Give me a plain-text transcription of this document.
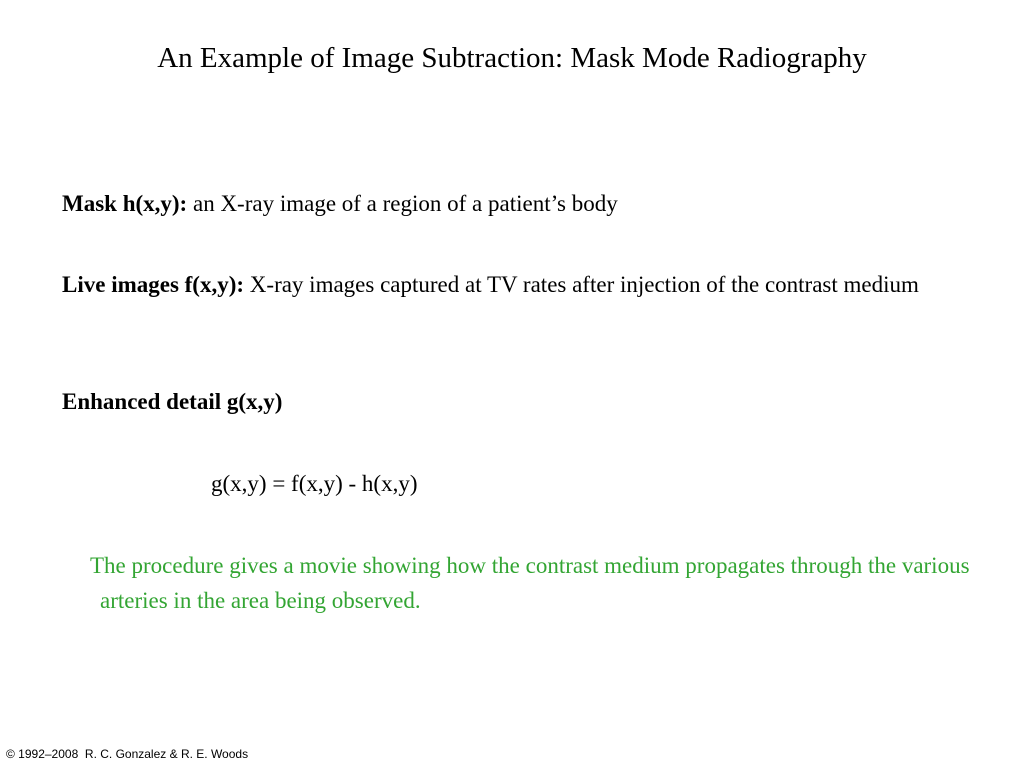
An Example of Image Subtraction: Mask Mode Radiography
Mask h(x,y): an X-ray image of a region of a patient’s body
Live images f(x,y): X-ray images captured at TV rates after injection of the contrast medium
Enhanced detail g(x,y)
g(x,y) = f(x,y) - h(x,y)
The procedure gives a movie showing how the contrast medium propagates through the various arteries in the area being observed.
© 1992–2008  R. C. Gonzalez & R. E. Woods
